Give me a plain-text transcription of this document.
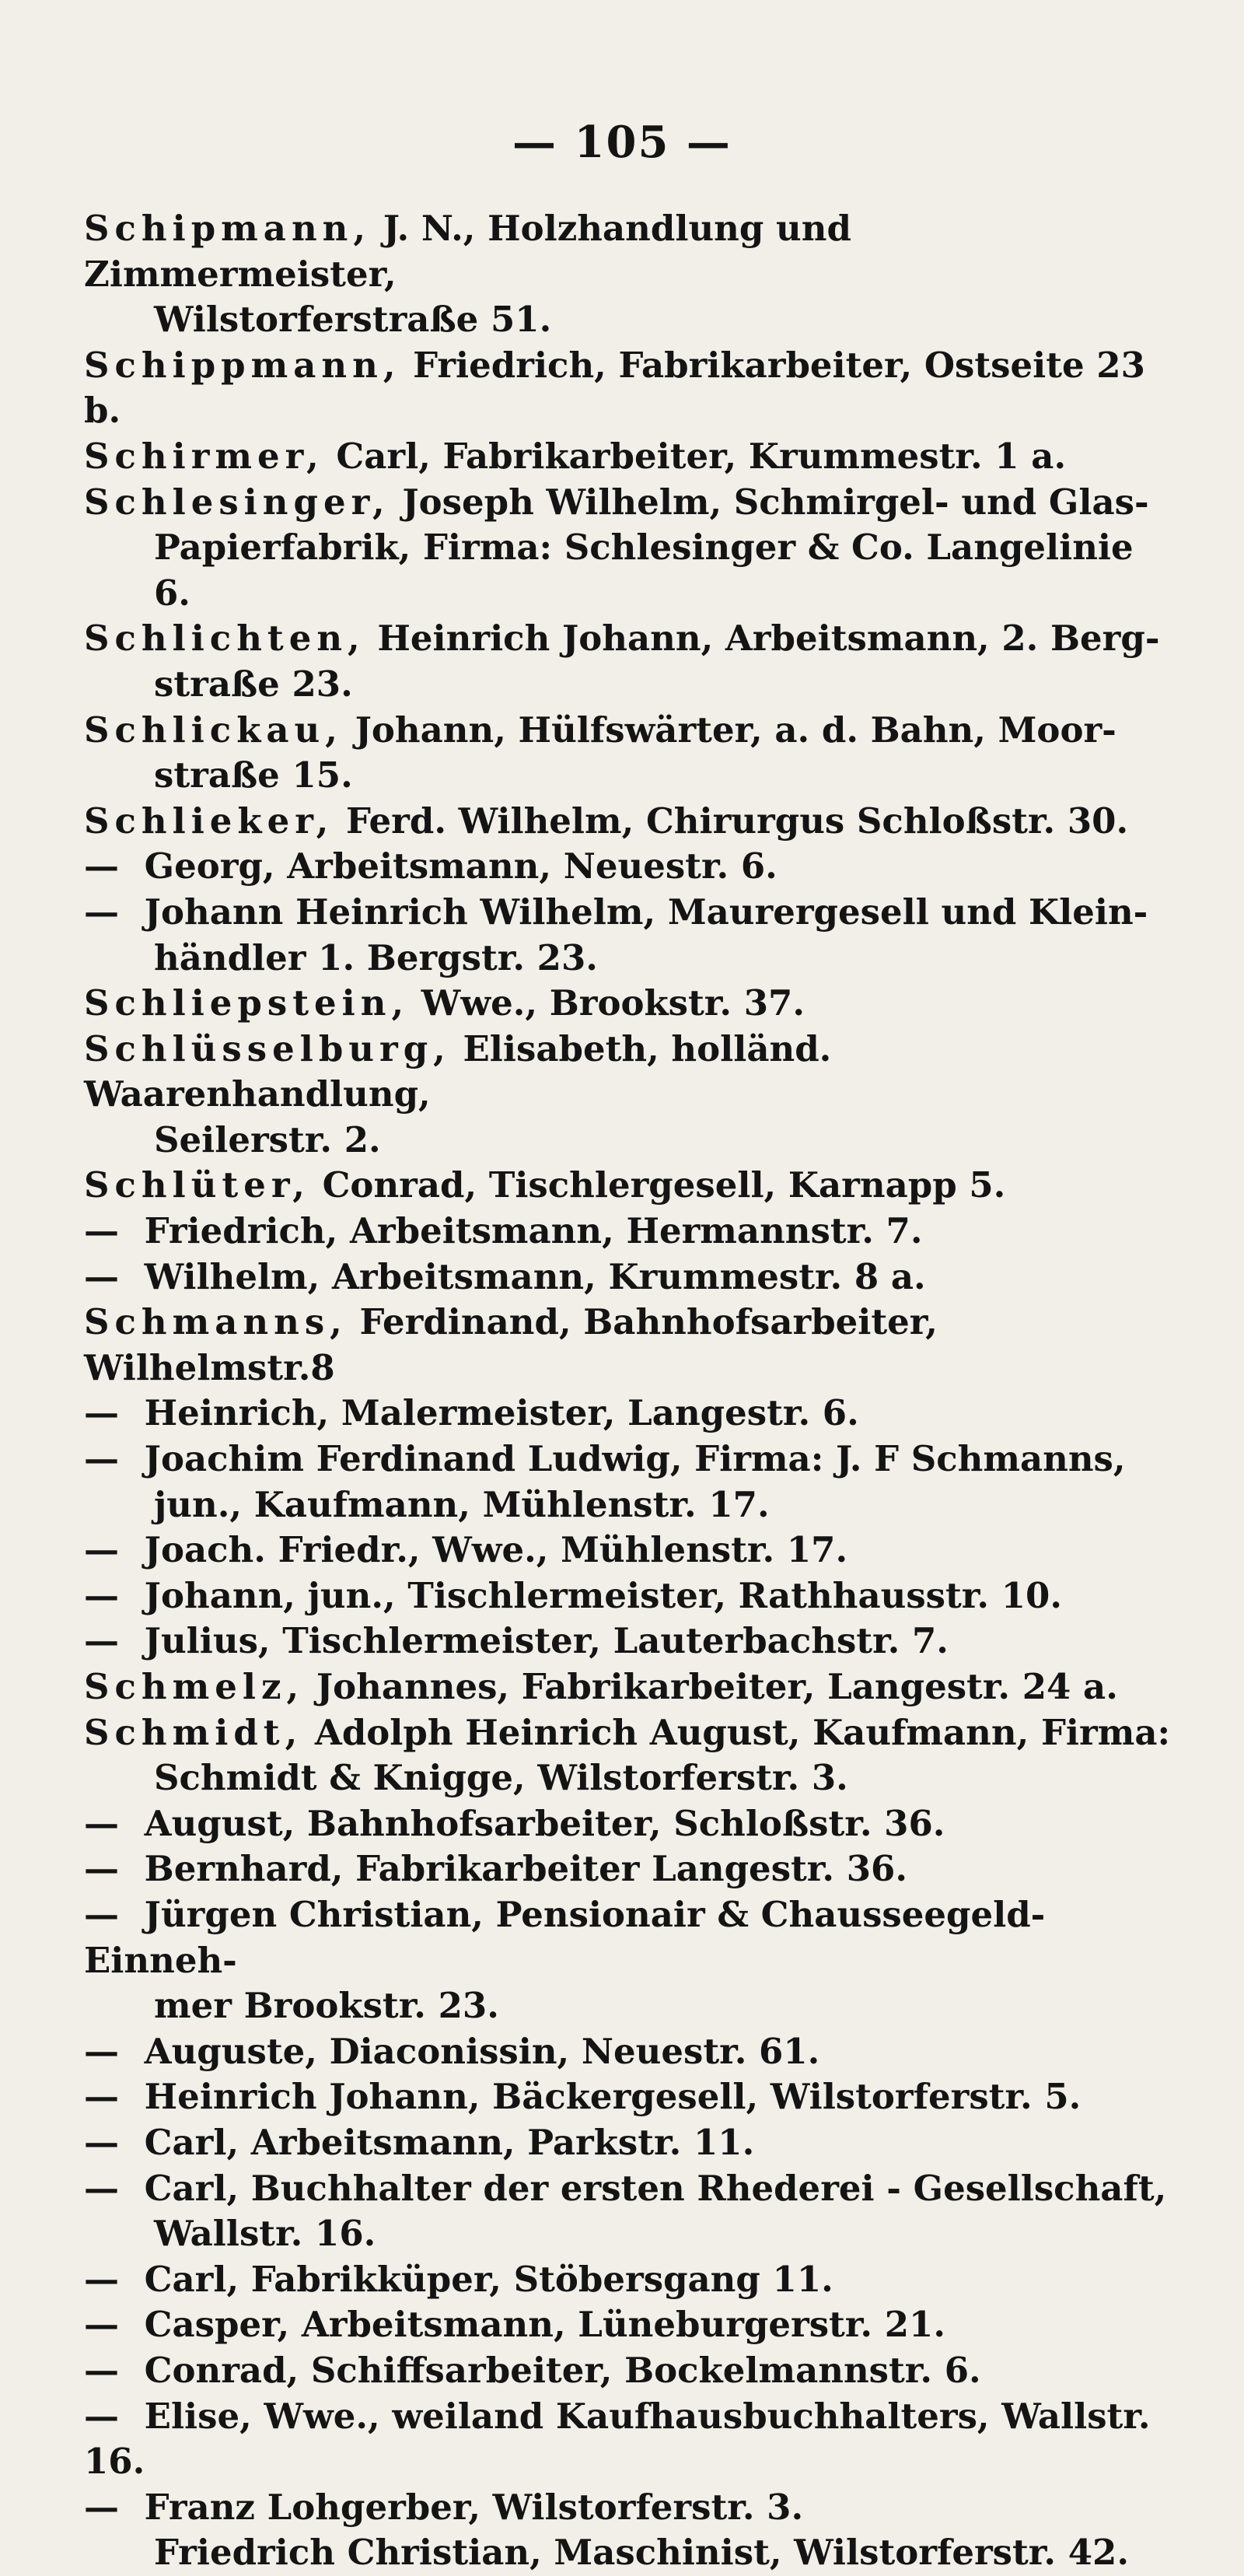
— 105 —
Schipmann, J. N., Holzhandlung und Zimmermeister,
Wilstorferstraße 51.
Schippmann, Friedrich, Fabrikarbeiter, Ostseite 23 b.
Schirmer, Carl, Fabrikarbeiter, Krummestr. 1 a.
Schlesinger, Joseph Wilhelm, Schmirgel- und Glas-
Papierfabrik, Firma: Schlesinger & Co. Langelinie 6.
Schlichten, Heinrich Johann, Arbeitsmann, 2. Berg-
straße 23.
Schlickau, Johann, Hülfswärter, a. d. Bahn, Moor-
straße 15.
Schlieker, Ferd. Wilhelm, Chirurgus Schloßstr. 30.
— Georg, Arbeitsmann, Neuestr. 6.
— Johann Heinrich Wilhelm, Maurergesell und Klein-
händler 1. Bergstr. 23.
Schliepstein, Wwe., Brookstr. 37.
Schlüsselburg, Elisabeth, holländ. Waarenhandlung,
Seilerstr. 2.
Schlüter, Conrad, Tischlergesell, Karnapp 5.
— Friedrich, Arbeitsmann, Hermannstr. 7.
— Wilhelm, Arbeitsmann, Krummestr. 8 a.
Schmanns, Ferdinand, Bahnhofsarbeiter, Wilhelmstr.8
— Heinrich, Malermeister, Langestr. 6.
— Joachim Ferdinand Ludwig, Firma: J. F Schmanns,
jun., Kaufmann, Mühlenstr. 17.
— Joach. Friedr., Wwe., Mühlenstr. 17.
— Johann, jun., Tischlermeister, Rathhausstr. 10.
— Julius, Tischlermeister, Lauterbachstr. 7.
Schmelz, Johannes, Fabrikarbeiter, Langestr. 24 a.
Schmidt, Adolph Heinrich August, Kaufmann, Firma:
Schmidt & Knigge, Wilstorferstr. 3.
— August, Bahnhofsarbeiter, Schloßstr. 36.
— Bernhard, Fabrikarbeiter Langestr. 36.
— Jürgen Christian, Pensionair & Chausseegeld-Einneh-
mer Brookstr. 23.
— Auguste, Diaconissin, Neuestr. 61.
— Heinrich Johann, Bäckergesell, Wilstorferstr. 5.
— Carl, Arbeitsmann, Parkstr. 11.
— Carl, Buchhalter der ersten Rhederei - Gesellschaft,
Wallstr. 16.
— Carl, Fabrikküper, Stöbersgang 11.
— Casper, Arbeitsmann, Lüneburgerstr. 21.
— Conrad, Schiffsarbeiter, Bockelmannstr. 6.
— Elise, Wwe., weiland Kaufhausbuchhalters, Wallstr. 16.
— Franz Lohgerber, Wilstorferstr. 3.
Friedrich Christian, Maschinist, Wilstorferstr. 42.
